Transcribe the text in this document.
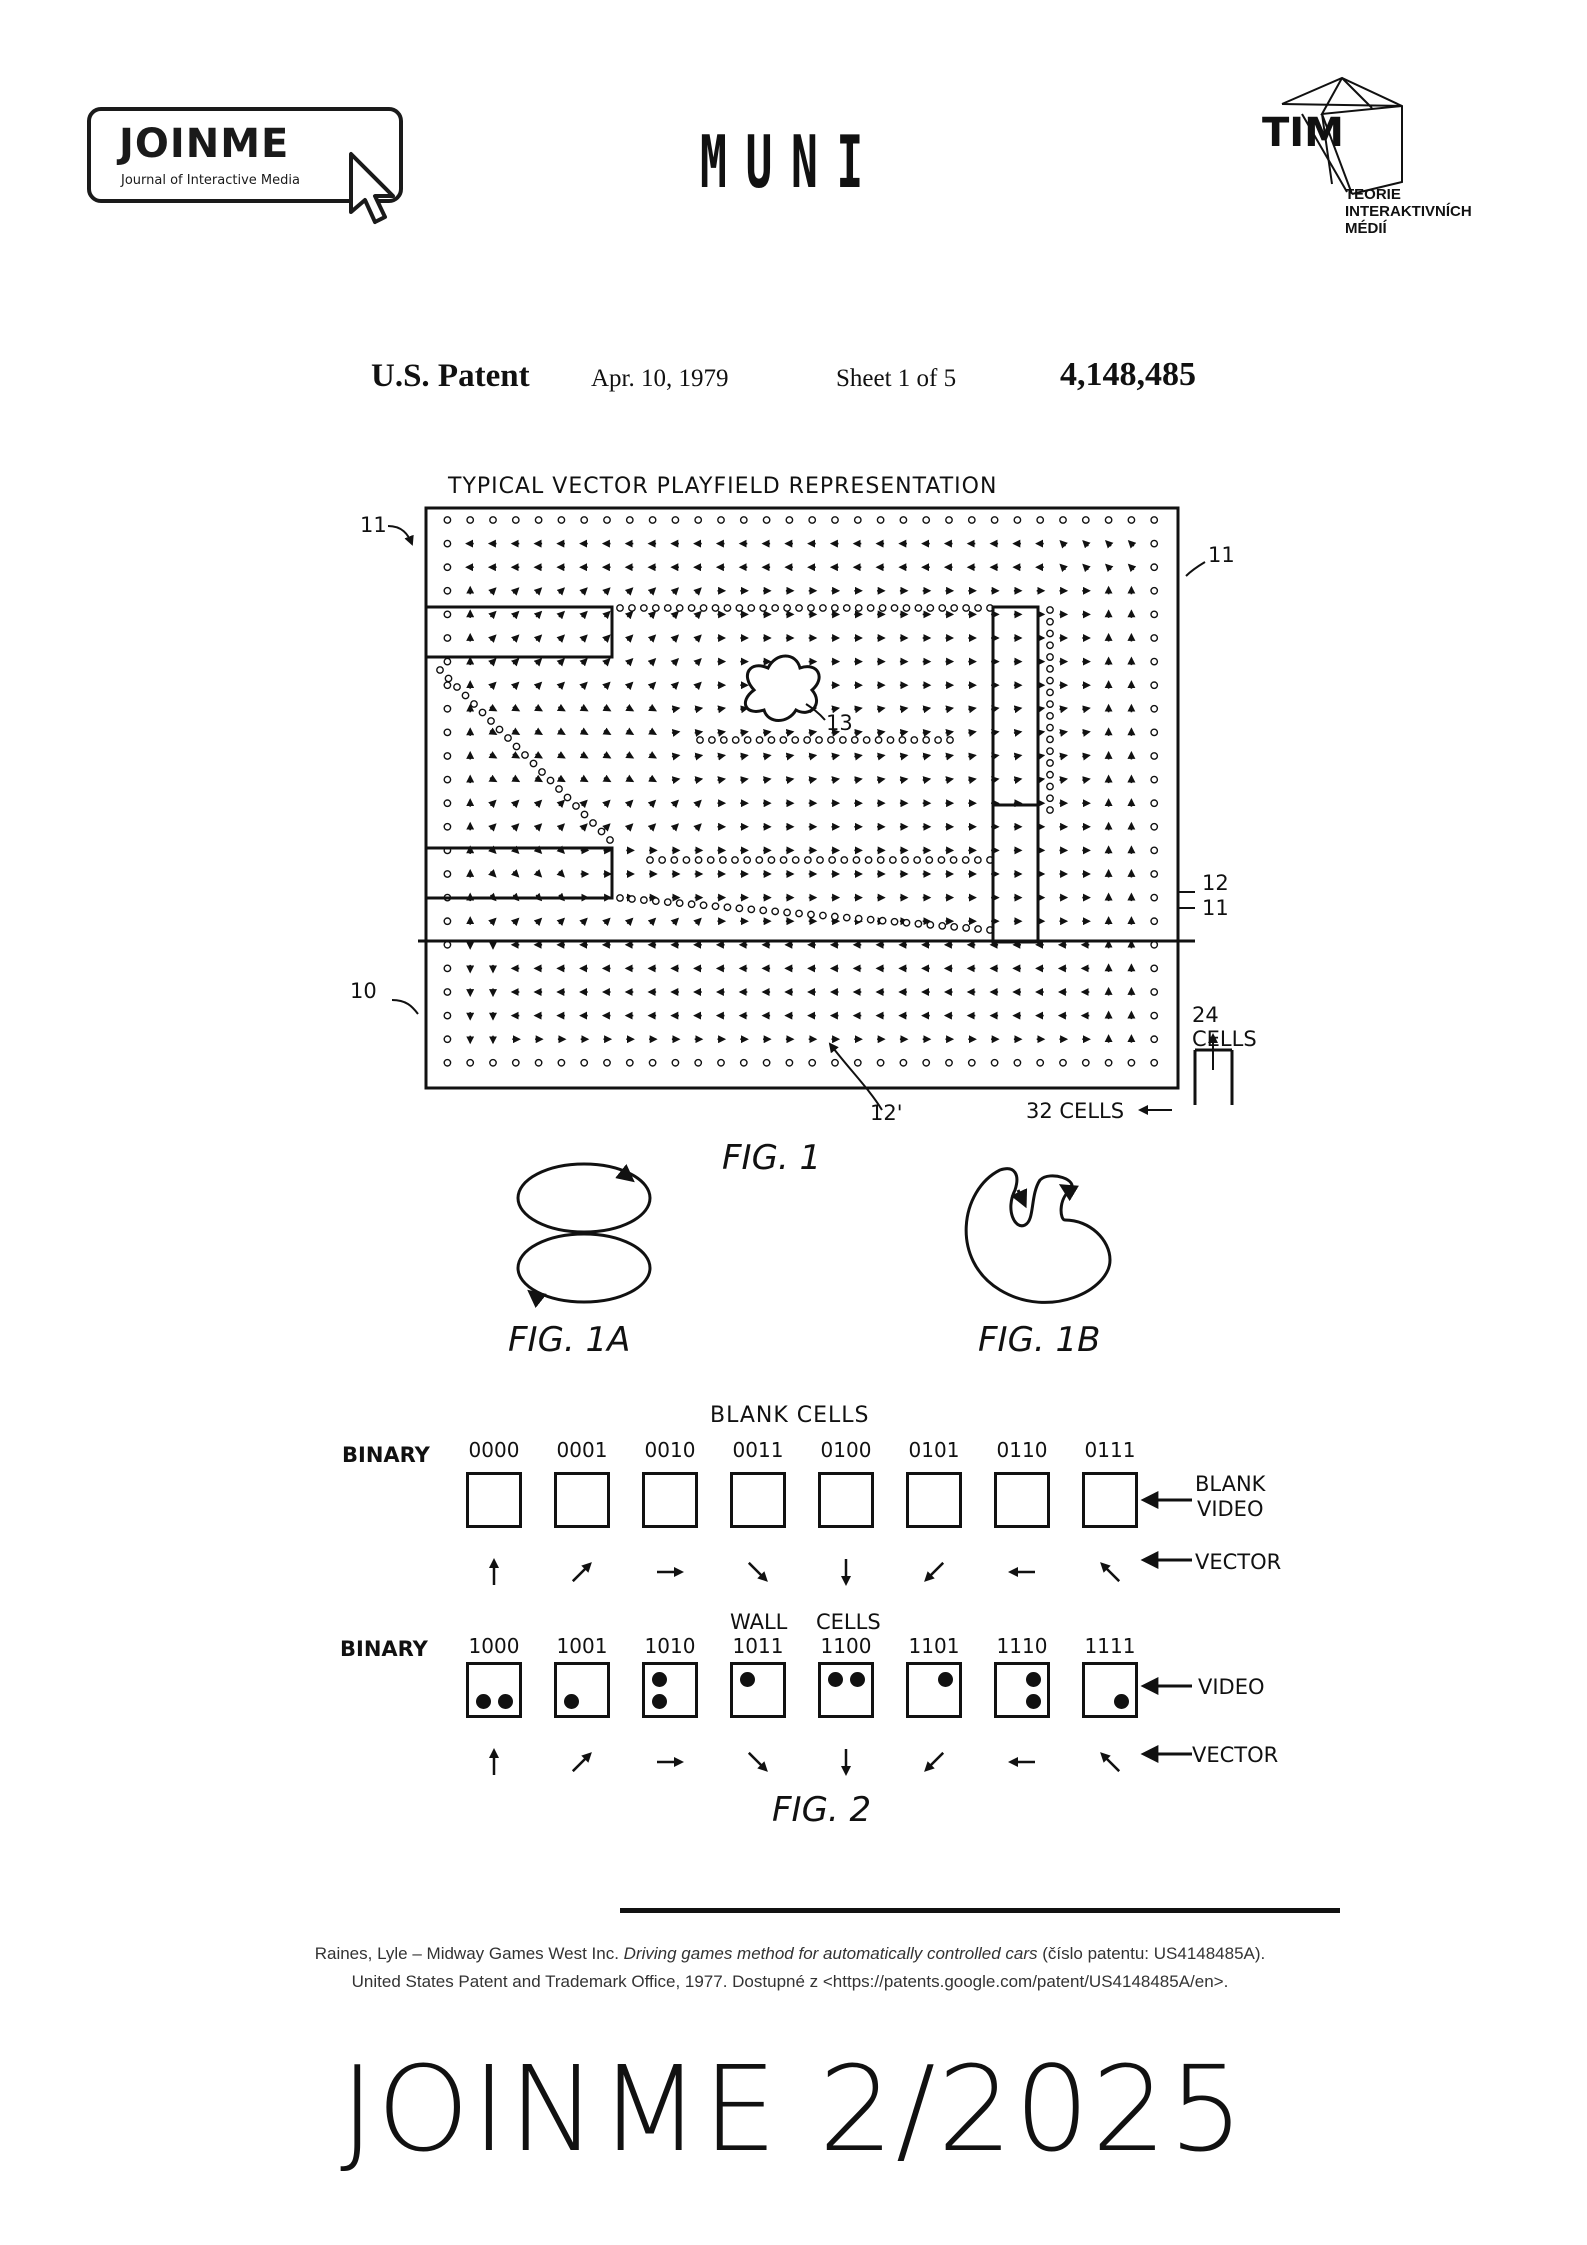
JOINME
Journal of Interactive Media	MUNI	TIM
TEORIE
INTERAKTIVNÍCH
MÉDIÍ
U.S. Patent Apr. 10, 1979	Sheet 1 of 5	4,148,485
TYPICAL VECTOR PLAYFIELD REPRESENTATION
11
11
11
10
12
12'
13
24
CELLS
32 CELLS
FIG. 1
FIG. 1A	FIG. 1B
BLANK CELLS
BINARY
BINARY
WALL CELLS
0000	0001	0010	0011	0100	0101	0110	0111
1000	1001	1010	1011	1100	1101	1110	1111
BLANK
VIDEO
VECTOR
VIDEO
VECTOR
FIG. 2
Raines, Lyle – Midway Games West Inc. Driving games method for automatically controlled cars (číslo patentu: US4148485A).
United States Patent and Trademark Office, 1977. Dostupné z <https://patents.google.com/patent/US4148485A/en>.
JOINME 2/2025
